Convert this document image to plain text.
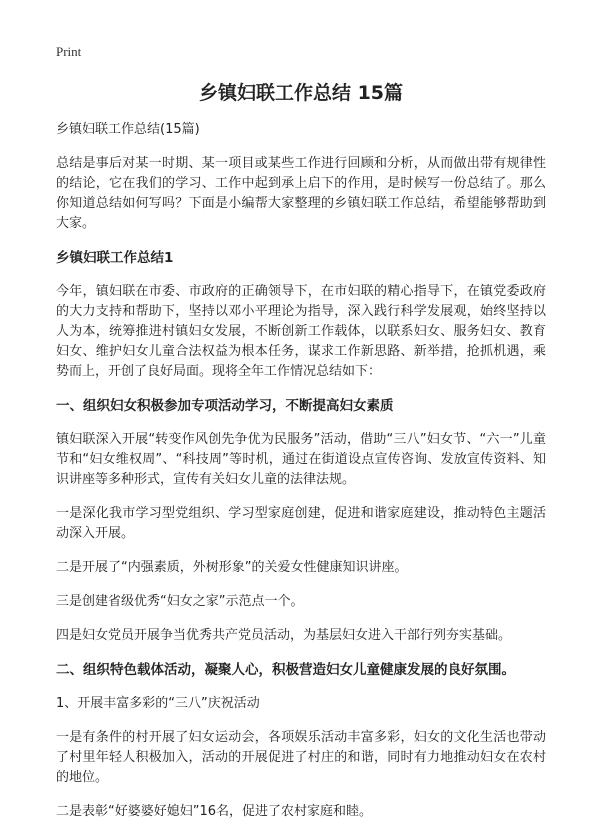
Print
乡镇妇联工作总结 15篇
乡镇妇联工作总结(15篇)

总结是事后对某一时期、某一项目或某些工作进行回顾和分析，从而做出带有规律性的结论，它在我们的学习、工作中起到承上启下的作用，是时候写一份总结了。那么你知道总结如何写吗？下面是小编帮大家整理的乡镇妇联工作总结，希望能够帮助到大家。

乡镇妇联工作总结1

今年，镇妇联在市委、市政府的正确领导下，在市妇联的精心指导下，在镇党委政府的大力支持和帮助下，坚持以邓小平理论为指导，深入践行科学发展观，始终坚持以人为本，统筹推进村镇妇女发展，不断创新工作载体，以联系妇女、服务妇女、教育妇女、维护妇女儿童合法权益为根本任务，谋求工作新思路、新举措，抢抓机遇，乘势而上，开创了良好局面。现将全年工作情况总结如下：

一、组织妇女积极参加专项活动学习，不断提高妇女素质

镇妇联深入开展“转变作风创先争优为民服务”活动，借助“三八”妇女节、“六一”儿童节和“妇女维权周”、“科技周”等时机，通过在街道设点宣传咨询、发放宣传资料、知识讲座等多种形式，宣传有关妇女儿童的法律法规。

一是深化我市学习型党组织、学习型家庭创建，促进和谐家庭建设，推动特色主题活动深入开展。

二是开展了“内强素质，外树形象”的关爱女性健康知识讲座。

三是创建省级优秀“妇女之家”示范点一个。

四是妇女党员开展争当优秀共产党员活动，为基层妇女进入干部行列夯实基础。

二、组织特色载体活动，凝聚人心，积极营造妇女儿童健康发展的良好氛围。
1、开展丰富多彩的“三八”庆祝活动

一是有条件的村开展了妇女运动会，各项娱乐活动丰富多彩，妇女的文化生活也带动了村里年轻人积极加入，活动的开展促进了村庄的和谐，同时有力地推动妇女在农村的地位。

二是表彰“好婆婆好媳妇”16名，促进了农村家庭和睦。
